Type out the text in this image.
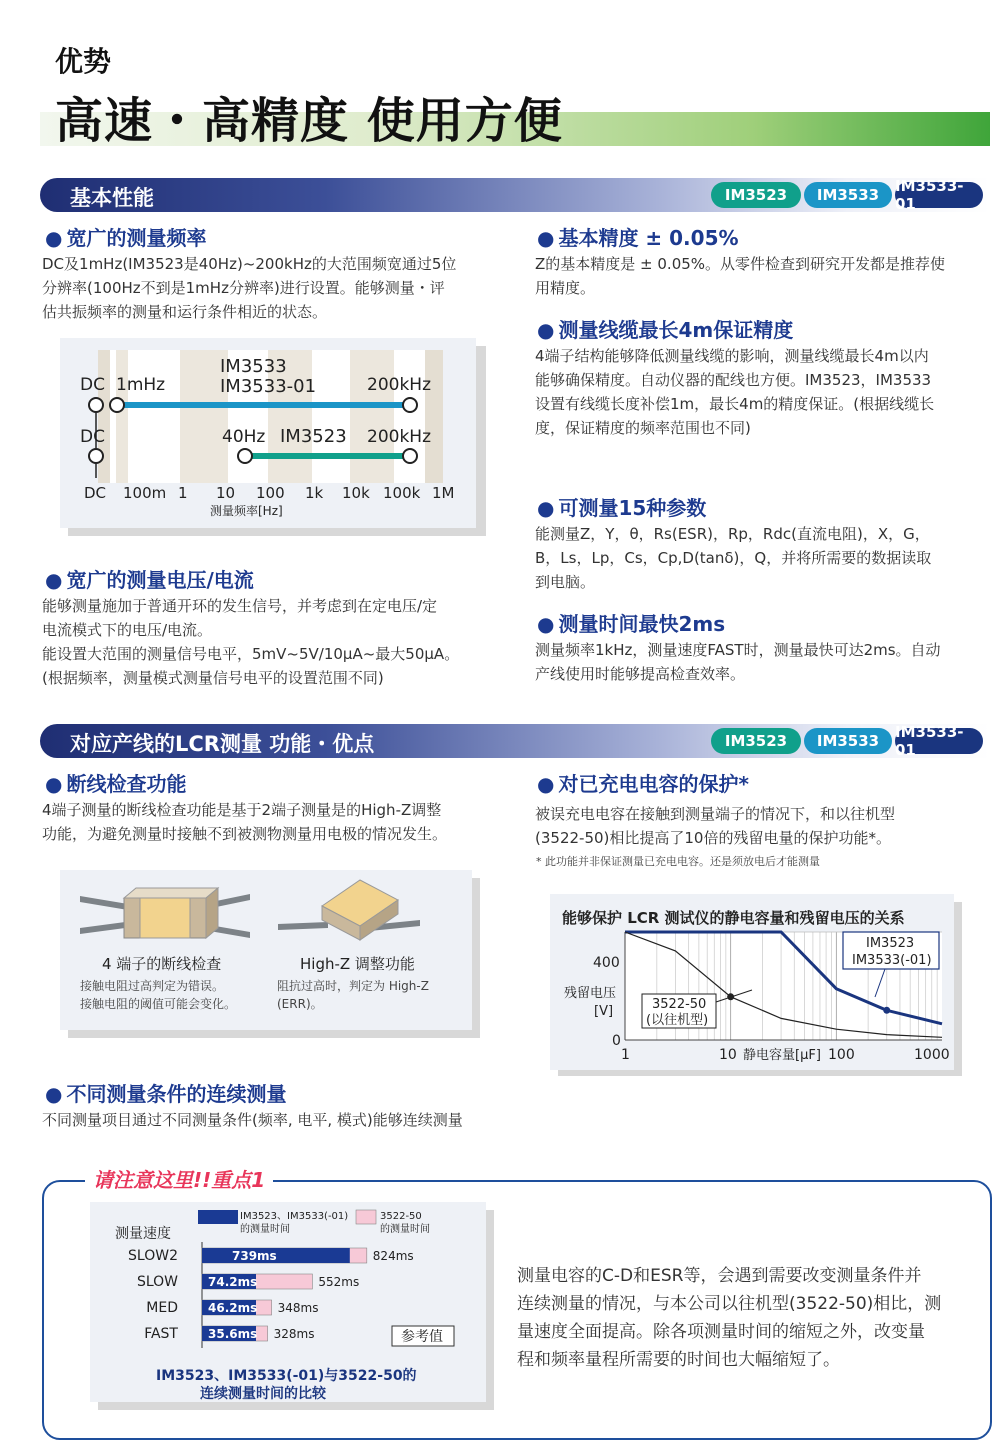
优势
高速・高精度 使用方便
基本性能	IM3523	IM3533	IM3533-01
● 宽广的测量频率
DC及1mHz(IM3523是40Hz)~200kHz的大范围频宽通过5位
分辨率(100Hz不到是1mHz分辨率)进行设置。能够测量・评
估共振频率的测量和运行条件相近的状态。
IM3533
IM3533-01
DC 1mHz	200kHz
DC	40Hz IM3523 200kHz
DC 100m 1 10 100 1k 10k 100k 1M
测量频率[Hz]
● 宽广的测量电压/电流
能够测量施加于普通开环的发生信号，并考虑到在定电压/定
电流模式下的电压/电流。
能设置大范围的测量信号电平，5mV~5V/10μA~最大50μA。
(根据频率，测量模式测量信号电平的设置范围不同)
● 基本精度 ± 0.05%
Z的基本精度是 ± 0.05%。从零件检查到研究开发都是推荐使
用精度。
● 测量线缆最长4m保证精度
4端子结构能够降低测量线缆的影响，测量线缆最长4m以内
能够确保精度。自动仪器的配线也方便。IM3523，IM3533
设置有线缆长度补偿1m，最长4m的精度保证。(根据线缆长
度，保证精度的频率范围也不同)
● 可测量15种参数
能测量Z，Y，θ，Rs(ESR)，Rp，Rdc(直流电阻)，X，G，
B，Ls，Lp，Cs，Cp,D(tanδ)，Q，并将所需要的数据读取
到电脑。
● 测量时间最快2ms
测量频率1kHz，测量速度FAST时，测量最快可达2ms。自动
产线使用时能够提高检查效率。
对应产线的LCR测量 功能・优点	IM3523	IM3533	IM3533-01
● 断线检查功能
4端子测量的断线检查功能是基于2端子测量是的High-Z调整
功能，为避免测量时接触不到被测物测量用电极的情况发生。
4 端子的断线检查
接触电阻过高判定为错误。
接触电阻的阈值可能会变化。
High-Z 调整功能
阻抗过高时，判定为 High-Z
(ERR)。
● 不同测量条件的连续测量
不同测量项目通过不同测量条件(频率, 电平, 模式)能够连续测量
● 对已充电电容的保护*
被误充电电容在接触到测量端子的情况下，和以往机型
(3522-50)相比提高了10倍的残留电量的保护功能*。
* 此功能并非保证测量已充电电容。还是须放电后才能测量
能够保护 LCR 测试仪的静电容量和残留电压的关系
400
0
残留电压
[V]
1	10 静电容量[μF] 100	1000
IM3523
IM3533(-01)
3522-50
(以往机型)
请注意这里!!重点1
IM3523、IM3533(-01)
的测量时间
3522-50
的测量时间
测量速度
SLOW2	739ms	824ms
SLOW	74.2ms	552ms
MED	46.2ms 348ms
FAST	35.6ms 328ms	参考值
IM3523、IM3533(-01)与3522-50的
连续测量时间的比较
测量电容的C-D和ESR等，会遇到需要改变测量条件并
连续测量的情况，与本公司以往机型(3522-50)相比，测
量速度全面提高。除各项测量时间的缩短之外，改变量
程和频率量程所需要的时间也大幅缩短了。
